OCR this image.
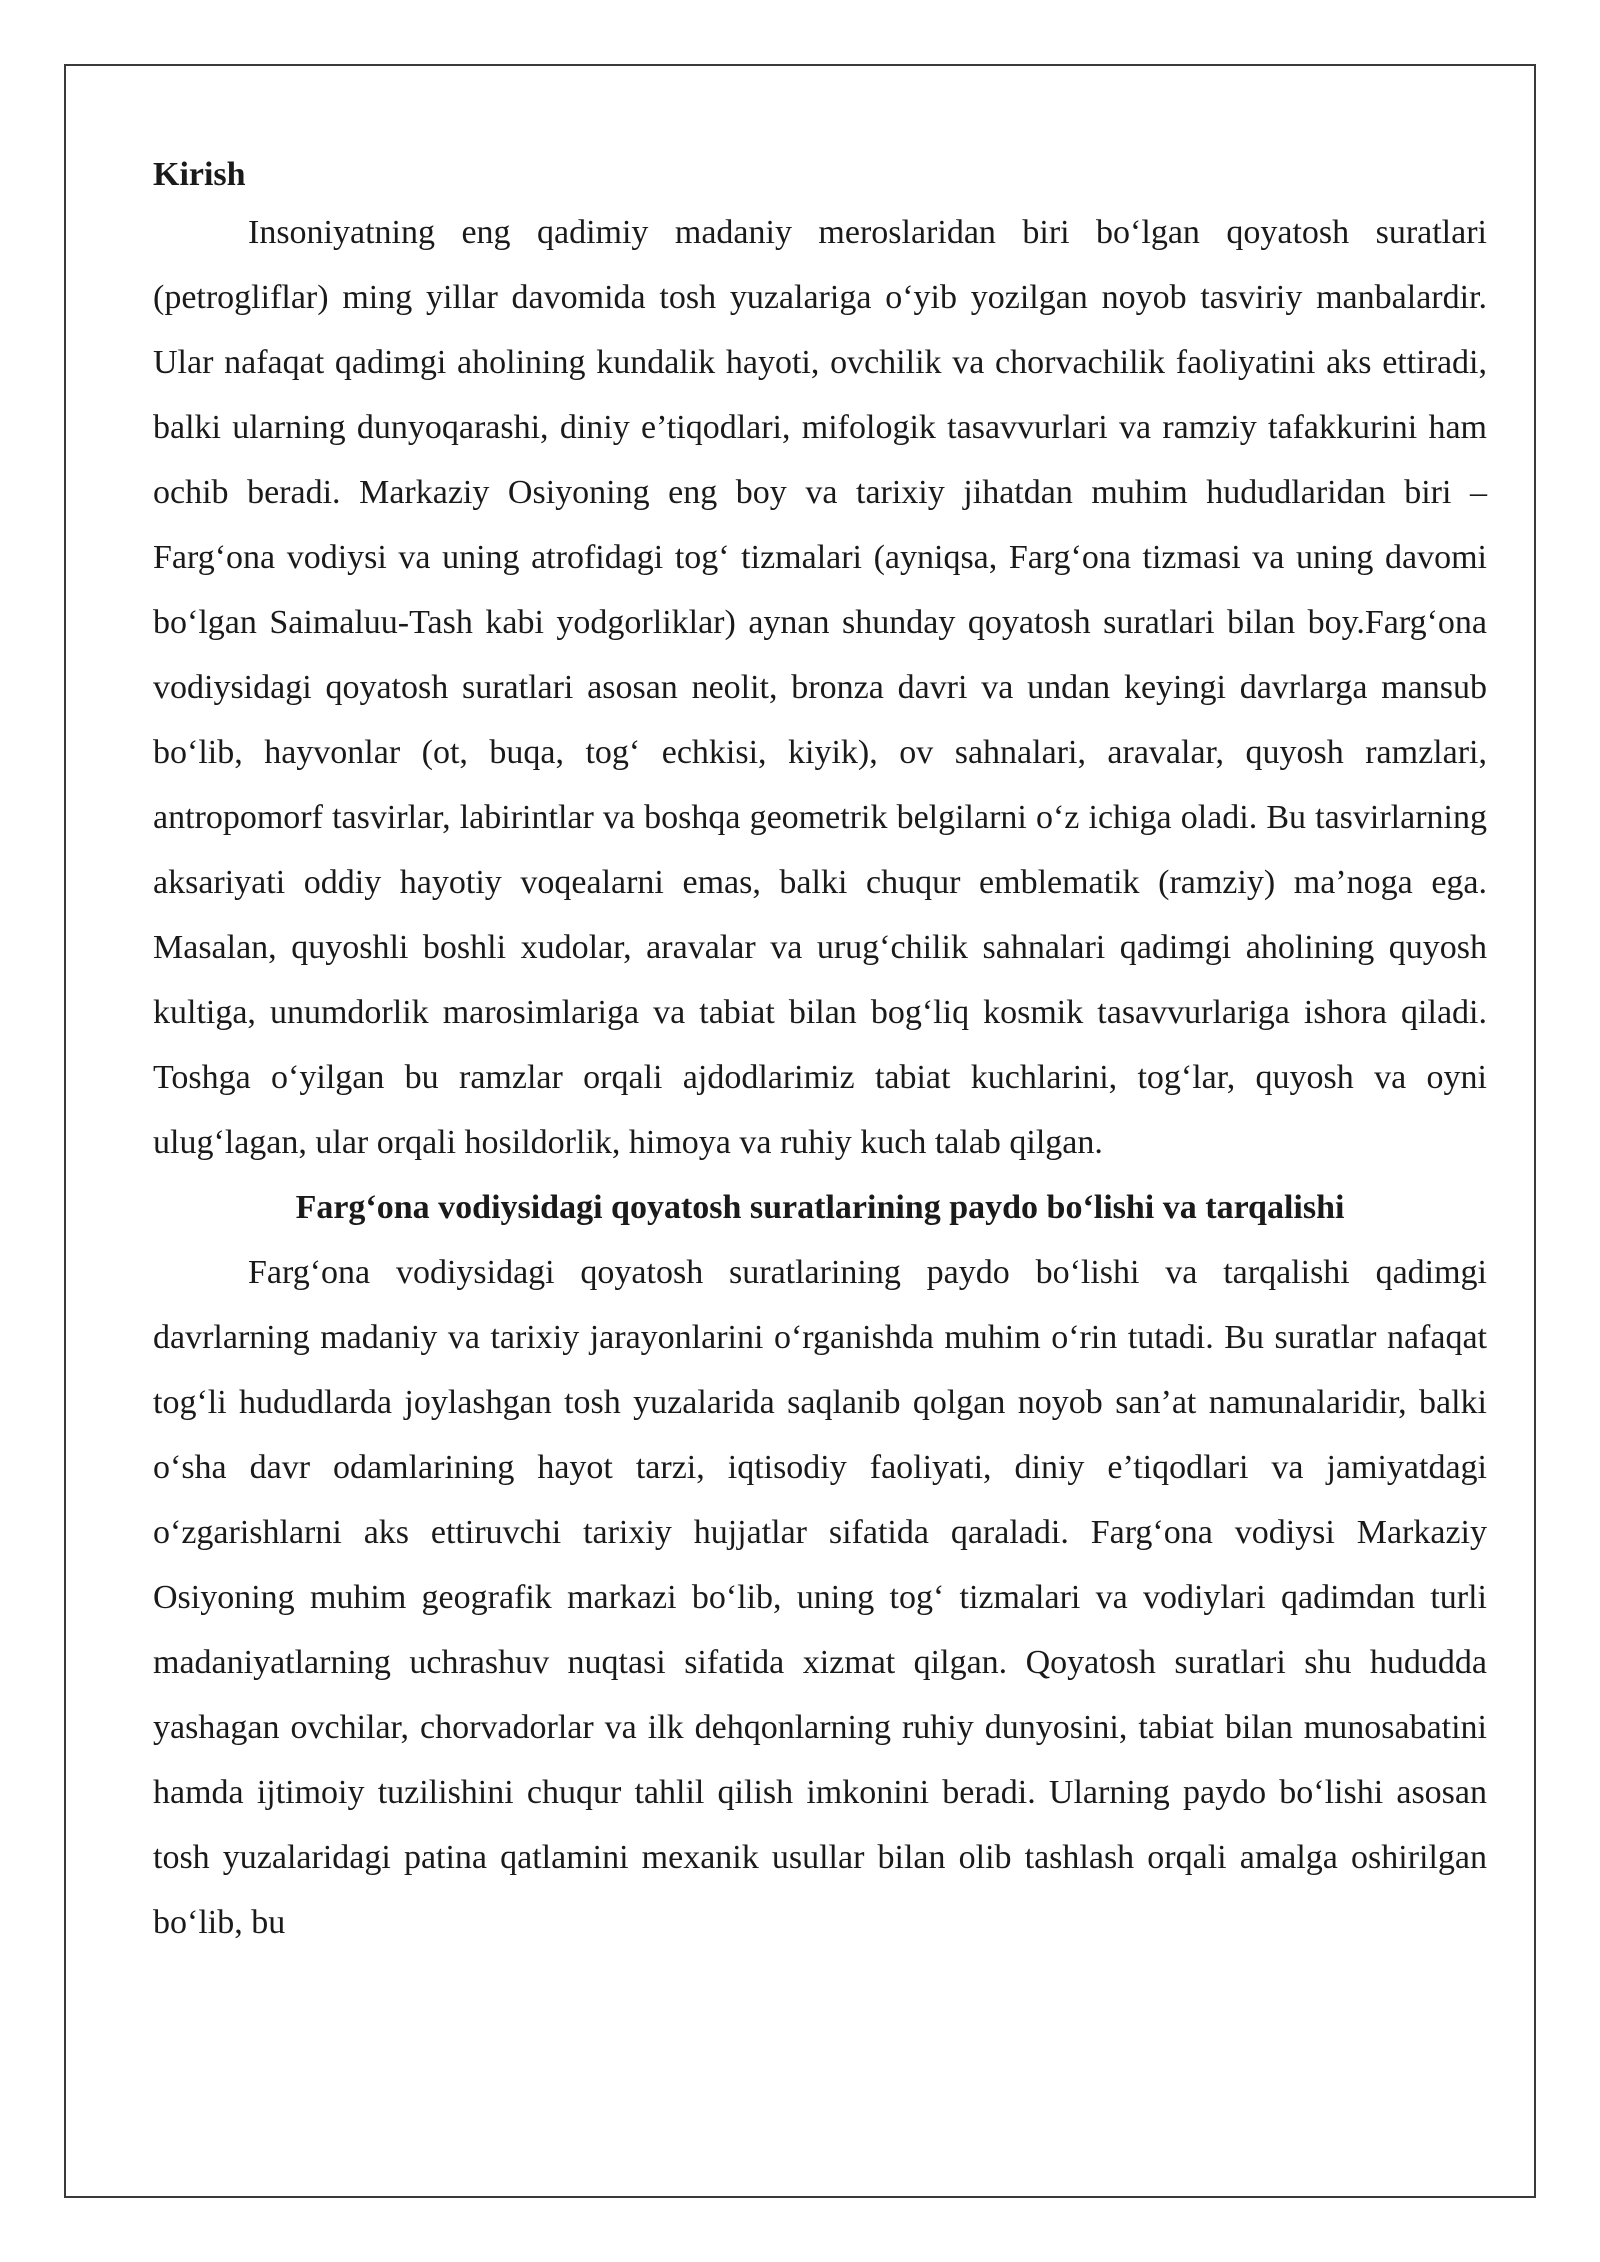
Kirish

Insoniyatning eng qadimiy madaniy meroslaridan biri bo‘lgan qoyatosh suratlari (petrogliflar) ming yillar davomida tosh yuzalariga o‘yib yozilgan noyob tasviriy manbalardir. Ular nafaqat qadimgi aholining kundalik hayoti, ovchilik va chorvachilik faoliyatini aks ettiradi, balki ularning dunyoqarashi, diniy e’tiqodlari, mifologik tasavvurlari va ramziy tafakkurini ham ochib beradi. Markaziy Osiyoning eng boy va tarixiy jihatdan muhim hududlaridan biri – Farg‘ona vodiysi va uning atrofidagi tog‘ tizmalari (ayniqsa, Farg‘ona tizmasi va uning davomi bo‘lgan Saimaluu-Tash kabi yodgorliklar) aynan shunday qoyatosh suratlari bilan boy.Farg‘ona vodiysidagi qoyatosh suratlari asosan neolit, bronza davri va undan keyingi davrlarga mansub bo‘lib, hayvonlar (ot, buqa, tog‘ echkisi, kiyik), ov sahnalari, aravalar, quyosh ramzlari, antropomorf tasvirlar, labirintlar va boshqa geometrik belgilarni o‘z ichiga oladi. Bu tasvirlarning aksariyati oddiy hayotiy voqealarni emas, balki chuqur emblematik (ramziy) ma’noga ega. Masalan, quyoshli boshli xudolar, aravalar va urug‘chilik sahnalari qadimgi aholining quyosh kultiga, unumdorlik marosimlariga va tabiat bilan bog‘liq kosmik tasavvurlariga ishora qiladi. Toshga o‘yilgan bu ramzlar orqali ajdodlarimiz tabiat kuchlarini, tog‘lar, quyosh va oyni ulug‘lagan, ular orqali hosildorlik, himoya va ruhiy kuch talab qilgan.

Farg‘ona vodiysidagi qoyatosh suratlarining paydo bo‘lishi va tarqalishi

Farg‘ona vodiysidagi qoyatosh suratlarining paydo bo‘lishi va tarqalishi qadimgi davrlarning madaniy va tarixiy jarayonlarini o‘rganishda muhim o‘rin tutadi. Bu suratlar nafaqat tog‘li hududlarda joylashgan tosh yuzalarida saqlanib qolgan noyob san’at namunalaridir, balki o‘sha davr odamlarining hayot tarzi, iqtisodiy faoliyati, diniy e’tiqodlari va jamiyatdagi o‘zgarishlarni aks ettiruvchi tarixiy hujjatlar sifatida qaraladi. Farg‘ona vodiysi Markaziy Osiyoning muhim geografik markazi bo‘lib, uning tog‘ tizmalari va vodiylari qadimdan turli madaniyatlarning uchrashuv nuqtasi sifatida xizmat qilgan. Qoyatosh suratlari shu hududda yashagan ovchilar, chorvadorlar va ilk dehqonlarning ruhiy dunyosini, tabiat bilan munosabatini hamda ijtimoiy tuzilishini chuqur tahlil qilish imkonini beradi. Ularning paydo bo‘lishi asosan tosh yuzalaridagi patina qatlamini mexanik usullar bilan olib tashlash orqali amalga oshirilgan bo‘lib, bu
